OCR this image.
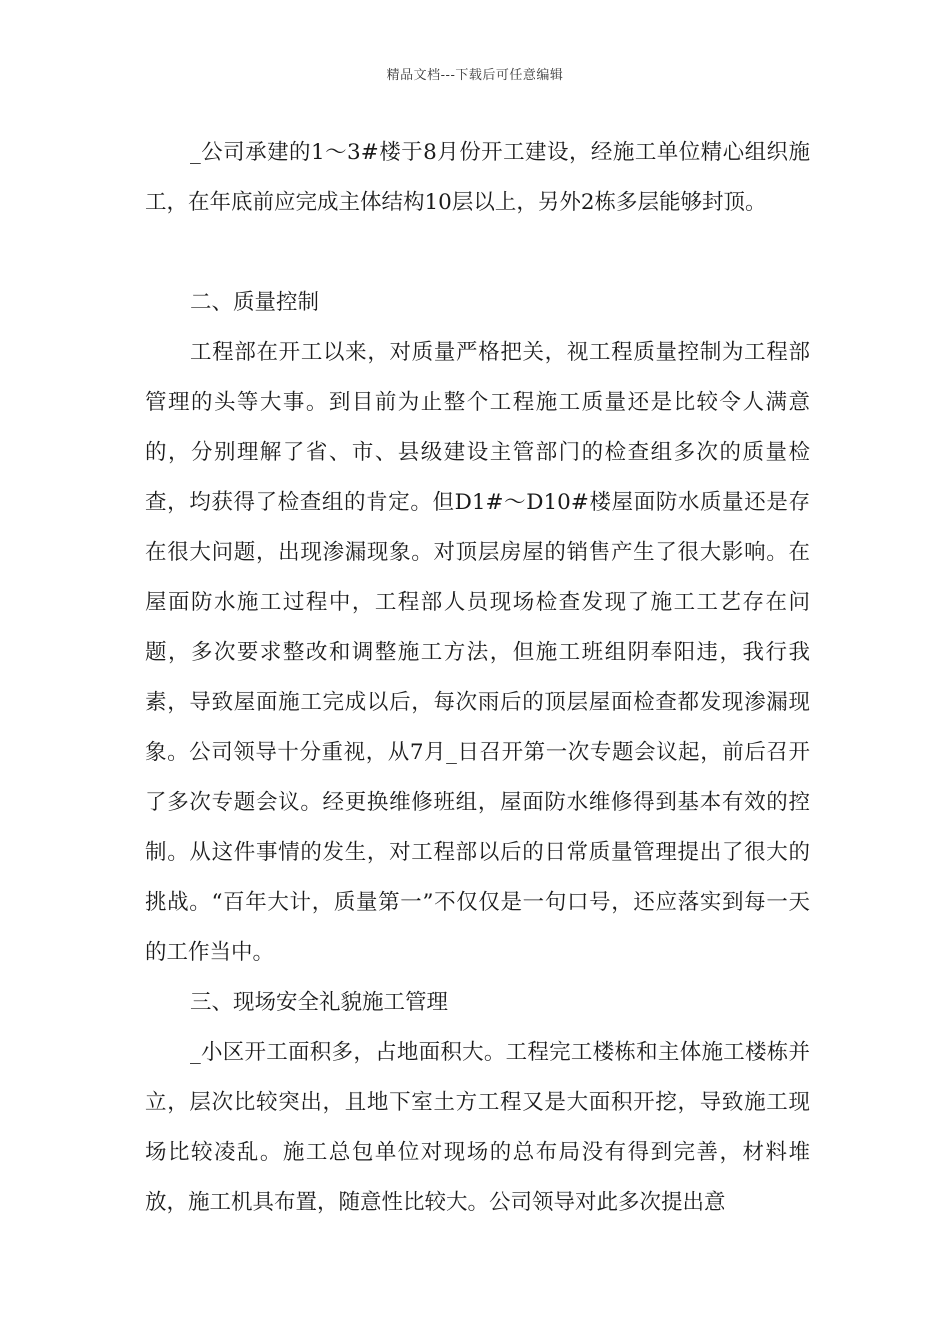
精品文档---下载后可任意编辑

_公司承建的1～3#楼于8月份开工建设，经施工单位精心组织施工，在年底前应完成主体结构10层以上，另外2栋多层能够封顶。

二、质量控制

工程部在开工以来，对质量严格把关，视工程质量控制为工程部管理的头等大事。到目前为止整个工程施工质量还是比较令人满意的，分别理解了省、市、县级建设主管部门的检查组多次的质量检查，均获得了检查组的肯定。但D1#～D10#楼屋面防水质量还是存在很大问题，出现渗漏现象。对顶层房屋的销售产生了很大影响。在屋面防水施工过程中，工程部人员现场检查发现了施工工艺存在问题，多次要求整改和调整施工方法，但施工班组阴奉阳违，我行我素，导致屋面施工完成以后，每次雨后的顶层屋面检查都发现渗漏现象。公司领导十分重视，从7月_日召开第一次专题会议起，前后召开了多次专题会议。经更换维修班组，屋面防水维修得到基本有效的控制。从这件事情的发生，对工程部以后的日常质量管理提出了很大的挑战。“百年大计，质量第一”不仅仅是一句口号，还应落实到每一天的工作当中。

三、现场安全礼貌施工管理

_小区开工面积多，占地面积大。工程完工楼栋和主体施工楼栋并立，层次比较突出，且地下室土方工程又是大面积开挖，导致施工现场比较凌乱。施工总包单位对现场的总布局没有得到完善，材料堆放，施工机具布置，随意性比较大。公司领导对此多次提出意
